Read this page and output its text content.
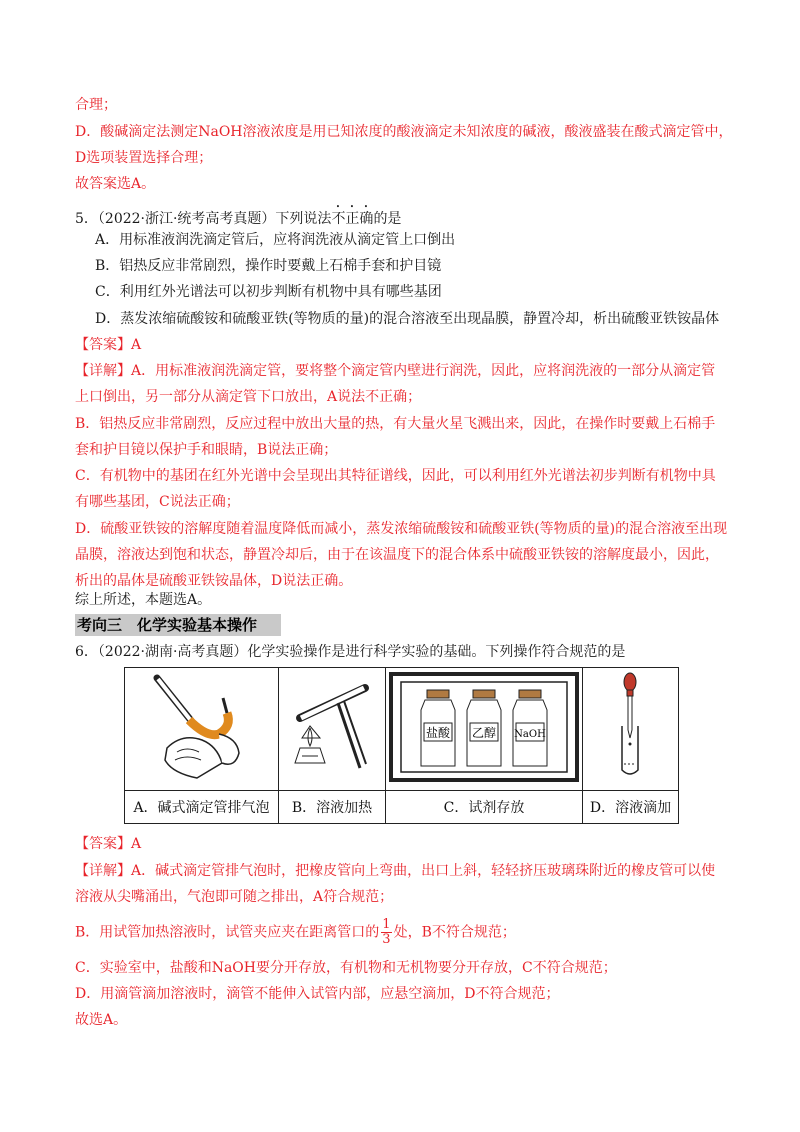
合理；
D．酸碱滴定法测定NaOH溶液浓度是用已知浓度的酸液滴定未知浓度的碱液，酸液盛装在酸式滴定管中，
D选项装置选择合理；
故答案选A。
5．（2022·浙江·统考高考真题）下列说法不正确的是
A．用标准液润洗滴定管后，应将润洗液从滴定管上口倒出
B．铝热反应非常剧烈，操作时要戴上石棉手套和护目镜
C．利用红外光谱法可以初步判断有机物中具有哪些基团
D．蒸发浓缩硫酸铵和硫酸亚铁(等物质的量)的混合溶液至出现晶膜，静置冷却，析出硫酸亚铁铵晶体
【答案】A
【详解】A．用标准液润洗滴定管，要将整个滴定管内壁进行润洗，因此，应将润洗液的一部分从滴定管
上口倒出，另一部分从滴定管下口放出，A说法不正确；
B．铝热反应非常剧烈，反应过程中放出大量的热，有大量火星飞溅出来，因此，在操作时要戴上石棉手
套和护目镜以保护手和眼睛，B说法正确；
C．有机物中的基团在红外光谱中会呈现出其特征谱线，因此，可以利用红外光谱法初步判断有机物中具
有哪些基团，C说法正确；
D．硫酸亚铁铵的溶解度随着温度降低而减小，蒸发浓缩硫酸铵和硫酸亚铁(等物质的量)的混合溶液至出现
晶膜，溶液达到饱和状态，静置冷却后，由于在该温度下的混合体系中硫酸亚铁铵的溶解度最小，因此，
析出的晶体是硫酸亚铁铵晶体，D说法正确。
综上所述，本题选A。
考向三　化学实验基本操作
6．（2022·湖南·高考真题）化学实验操作是进行科学实验的基础。下列操作符合规范的是

盐酸 乙醇 NaOH

A．碱式滴定管排气泡	B．溶液加热	C．试剂存放	D．溶液滴加
【答案】A
【详解】A．碱式滴定管排气泡时，把橡皮管向上弯曲，出口上斜，轻轻挤压玻璃珠附近的橡皮管可以使
溶液从尖嘴涌出，气泡即可随之排出，A符合规范；
B．用试管加热溶液时，试管夹应夹在距离管口的 $\frac{1}{3}$ 处，B不符合规范；
C．实验室中，盐酸和NaOH要分开存放，有机物和无机物要分开存放，C不符合规范；
D．用滴管滴加溶液时，滴管不能伸入试管内部，应悬空滴加，D不符合规范；
故选A。
